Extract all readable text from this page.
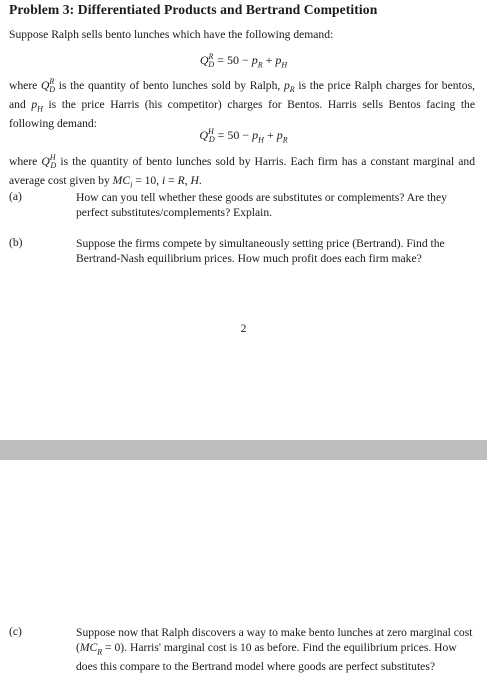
Problem 3: Differentiated Products and Bertrand Competition
Suppose Ralph sells bento lunches which have the following demand:
$Q^R_D = 50 - p_R + p_H$
where $Q^R_D$ is the quantity of bento lunches sold by Ralph, $p_R$ is the price Ralph charges for bentos, and $p_H$ is the price Harris (his competitor) charges for Bentos. Harris sells Bentos facing the following demand:
$Q^H_D = 50 - p_H + p_R$
where $Q^H_D$ is the quantity of bento lunches sold by Harris. Each firm has a constant marginal and average cost given by $MC_i = 10$, i = R, H.
(a)	How can you tell whether these goods are substitutes or complements? Are they perfect substitutes/complements? Explain.
(b)	Suppose the firms compete by simultaneously setting price (Bertrand). Find the Bertrand-Nash equilibrium prices. How much profit does each firm make?
2
(c)	Suppose now that Ralph discovers a way to make bento lunches at zero marginal cost $(MC_R = 0)$. Harris' marginal cost is 10 as before. Find the equilibrium prices. How does this compare to the Bertrand model where goods are perfect substitutes?
